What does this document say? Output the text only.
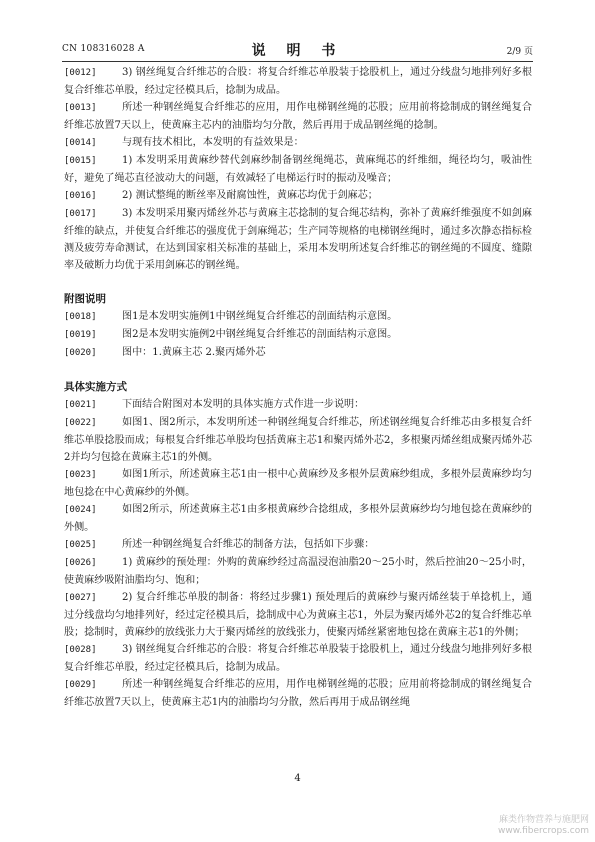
CN 108316028 A	说 明 书	2/9 页
[0012]	3) 钢丝绳复合纤维芯的合股：将复合纤维芯单股装于捻股机上，通过分线盘匀地排列好多根复合纤维芯单股，经过定径模具后，捻制为成品。
[0013]	所述一种钢丝绳复合纤维芯的应用，用作电梯钢丝绳的芯股；应用前将捻制成的钢丝绳复合纤维芯放置7天以上，使黄麻主芯内的油脂均匀分散，然后再用于成品钢丝绳的捻制。
[0014]	与现有技术相比，本发明的有益效果是：
[0015]	1) 本发明采用黄麻纱替代剑麻纱制备钢丝绳绳芯，黄麻绳芯的纤维细，绳径均匀，吸油性好，避免了绳芯直径波动大的问题，有效减轻了电梯运行时的振动及噪音；
[0016]	2) 测试整绳的断丝率及耐腐蚀性，黄麻芯均优于剑麻芯；
[0017]	3) 本发明采用聚丙烯丝外芯与黄麻主芯捻制的复合绳芯结构，弥补了黄麻纤维强度不如剑麻纤维的缺点，并使复合纤维芯的强度优于剑麻绳芯；生产同等规格的电梯钢丝绳时，通过多次静态指标检测及疲劳寿命测试，在达到国家相关标准的基础上，采用本发明所述复合纤维芯的钢丝绳的不圆度、缝隙率及破断力均优于采用剑麻芯的钢丝绳。
附图说明
[0018]	图1是本发明实施例1中钢丝绳复合纤维芯的剖面结构示意图。
[0019]	图2是本发明实施例2中钢丝绳复合纤维芯的剖面结构示意图。
[0020]	图中：1.黄麻主芯 2.聚丙烯外芯
具体实施方式
[0021]	下面结合附图对本发明的具体实施方式作进一步说明：
[0022]	如图1、图2所示，本发明所述一种钢丝绳复合纤维芯，所述钢丝绳复合纤维芯由多根复合纤维芯单股捻股而成；每根复合纤维芯单股均包括黄麻主芯1和聚丙烯外芯2，多根聚丙烯丝组成聚丙烯外芯2并均匀包捻在黄麻主芯1的外侧。
[0023]	如图1所示，所述黄麻主芯1由一根中心黄麻纱及多根外层黄麻纱组成，多根外层黄麻纱均匀地包捻在中心黄麻纱的外侧。
[0024]	如图2所示，所述黄麻主芯1由多根黄麻纱合捻组成，多根外层黄麻纱均匀地包捻在黄麻纱的外侧。
[0025]	所述一种钢丝绳复合纤维芯的制备方法，包括如下步骤：
[0026]	1) 黄麻纱的预处理：外购的黄麻纱经过高温浸泡油脂20～25小时，然后控油20～25小时，使黄麻纱吸附油脂均匀、饱和；
[0027]	2) 复合纤维芯单股的制备：将经过步骤1) 预处理后的黄麻纱与聚丙烯丝装于单捻机上，通过分线盘均匀地排列好，经过定径模具后，捻制成中心为黄麻主芯1，外层为聚丙烯外芯2的复合纤维芯单股；捻制时，黄麻纱的放线张力大于聚丙烯丝的放线张力，使聚丙烯丝紧密地包捻在黄麻主芯1的外侧；
[0028]	3) 钢丝绳复合纤维芯的合股：将复合纤维芯单股装于捻股机上，通过分线盘匀地排列好多根复合纤维芯单股，经过定径模具后，捻制为成品。
[0029]	所述一种钢丝绳复合纤维芯的应用，用作电梯钢丝绳的芯股；应用前将捻制成的钢丝绳复合纤维芯放置7天以上，使黄麻主芯1内的油脂均匀分散，然后再用于成品钢丝绳
4
麻类作物营养与施肥网
www.fibercrops.com
